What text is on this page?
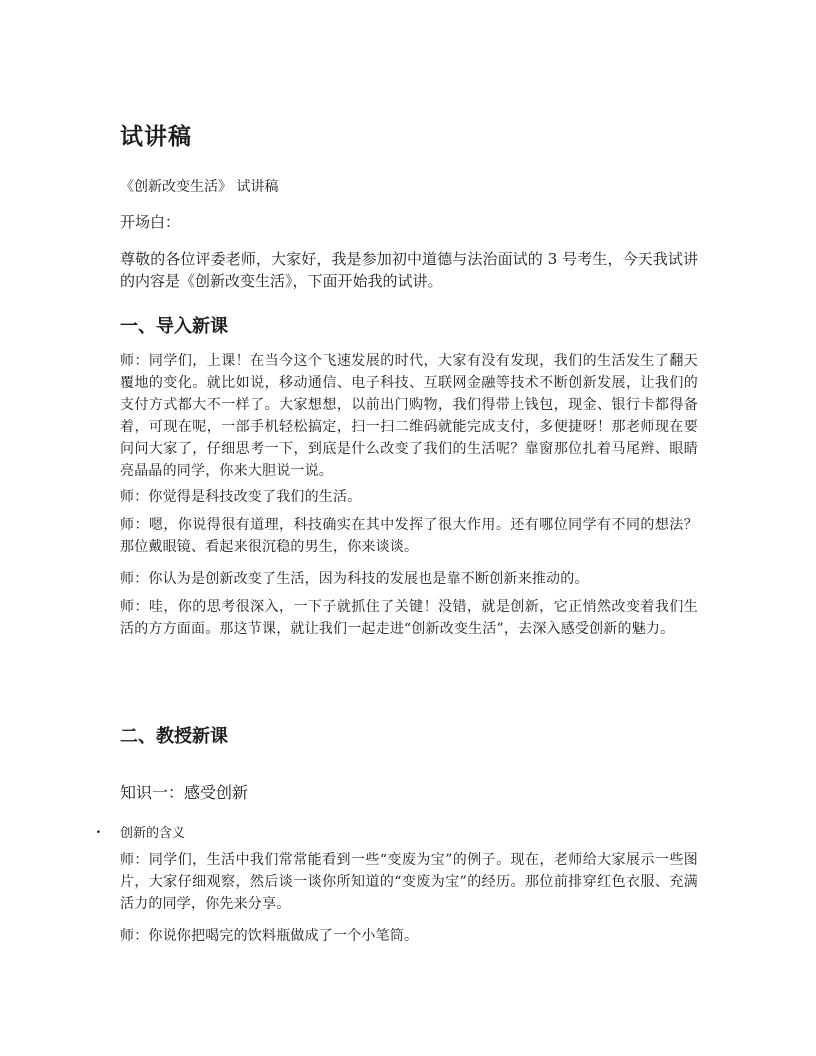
试讲稿
《创新改变生活》 试讲稿
开场白：

尊敬的各位评委老师，大家好，我是参加初中道德与法治面试的 3 号考生，今天我试讲的内容是《创新改变生活》，下面开始我的试讲。

一、导入新课

师：同学们，上课！在当今这个飞速发展的时代，大家有没有发现，我们的生活发生了翻天覆地的变化。就比如说，移动通信、电子科技、互联网金融等技术不断创新发展，让我们的支付方式都大不一样了。大家想想，以前出门购物，我们得带上钱包，现金、银行卡都得备着，可现在呢，一部手机轻松搞定，扫一扫二维码就能完成支付，多便捷呀！那老师现在要问问大家了，仔细思考一下，到底是什么改变了我们的生活呢？靠窗那位扎着马尾辫、眼睛亮晶晶的同学，你来大胆说一说。

师：你觉得是科技改变了我们的生活。

师：嗯，你说得很有道理，科技确实在其中发挥了很大作用。还有哪位同学有不同的想法？那位戴眼镜、看起来很沉稳的男生，你来谈谈。

师：你认为是创新改变了生活，因为科技的发展也是靠不断创新来推动的。

师：哇，你的思考很深入，一下子就抓住了关键！没错，就是创新，它正悄然改变着我们生活的方方面面。那这节课，就让我们一起走进“创新改变生活”，去深入感受创新的魅力。

二、教授新课
知识一：感受创新
. 创新的含义

师：同学们，生活中我们常常能看到一些“变废为宝”的例子。现在，老师给大家展示一些图片，大家仔细观察，然后谈一谈你所知道的“变废为宝”的经历。那位前排穿红色衣服、充满活力的同学，你先来分享。

师：你说你把喝完的饮料瓶做成了一个小笔筒。
